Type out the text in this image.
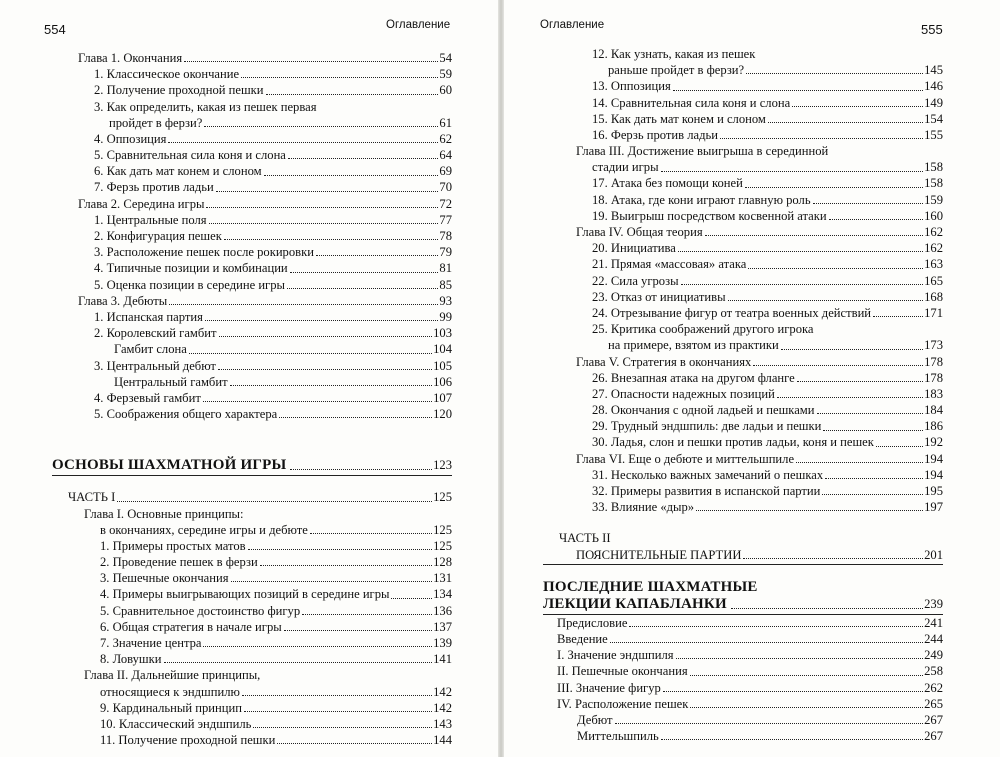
554	Оглавление
Глава 1. Окончания	54
1. Классическое окончание	59
2. Получение проходной пешки	60
3. Как определить, какая из пешек первая
пройдет в ферзи?	61
4. Оппозиция	62
5. Сравнительная сила коня и слона	64
6. Как дать мат конем и слоном	69
7. Ферзь против ладьи	70
Глава 2. Середина игры	72
1. Центральные поля	77
2. Конфигурация пешек	78
3. Расположение пешек после рокировки	79
4. Типичные позиции и комбинации	81
5. Оценка позиции в середине игры	85
Глава 3. Дебюты	93
1. Испанская партия	99
2. Королевский гамбит	103
Гамбит слона	104
3. Центральный дебют	105
Центральный гамбит	106
4. Ферзевый гамбит	107
5. Соображения общего характера	120
ОСНОВЫ ШАХМАТНОЙ ИГРЫ	123
ЧАСТЬ I	125
Глава I. Основные принципы:
в окончаниях, середине игры и дебюте	125
1. Примеры простых матов	125
2. Проведение пешек в ферзи	128
3. Пешечные окончания	131
4. Примеры выигрывающих позиций в середине игры	134
5. Сравнительное достоинство фигур	136
6. Общая стратегия в начале игры	137
7. Значение центра	139
8. Ловушки	141
Глава II. Дальнейшие принципы,
относящиеся к эндшпилю	142
9. Кардинальный принцип	142
10. Классический эндшпиль	143
11. Получение проходной пешки	144
Оглавление	555
12. Как узнать, какая из пешек
раньше пройдет в ферзи?	145
13. Оппозиция	146
14. Сравнительная сила коня и слона	149
15. Как дать мат конем и слоном	154
16. Ферзь против ладьи	155
Глава III. Достижение выигрыша в серединной
стадии игры	158
17. Атака без помощи коней	158
18. Атака, где кони играют главную роль	159
19. Выигрыш посредством косвенной атаки	160
Глава IV. Общая теория	162
20. Инициатива	162
21. Прямая «массовая» атака	163
22. Сила угрозы	165
23. Отказ от инициативы	168
24. Отрезывание фигур от театра военных действий	171
25. Критика соображений другого игрока
на примере, взятом из практики	173
Глава V. Стратегия в окончаниях	178
26. Внезапная атака на другом фланге	178
27. Опасности надежных позиций	183
28. Окончания с одной ладьей и пешками	184
29. Трудный эндшпиль: две ладьи и пешки	186
30. Ладья, слон и пешки против ладьи, коня и пешек	192
Глава VI. Еще о дебюте и миттельшпиле	194
31. Несколько важных замечаний о пешках	194
32. Примеры развития в испанской партии	195
33. Влияние «дыр»	197
ЧАСТЬ II
ПОЯСНИТЕЛЬНЫЕ ПАРТИИ	201
ПОСЛЕДНИЕ ШАХМАТНЫЕ
ЛЕКЦИИ КАПАБЛАНКИ	239
Предисловие	241
Введение	244
I. Значение эндшпиля	249
II. Пешечные окончания	258
III. Значение фигур	262
IV. Расположение пешек	265
Дебют	267
Миттельшпиль	267
